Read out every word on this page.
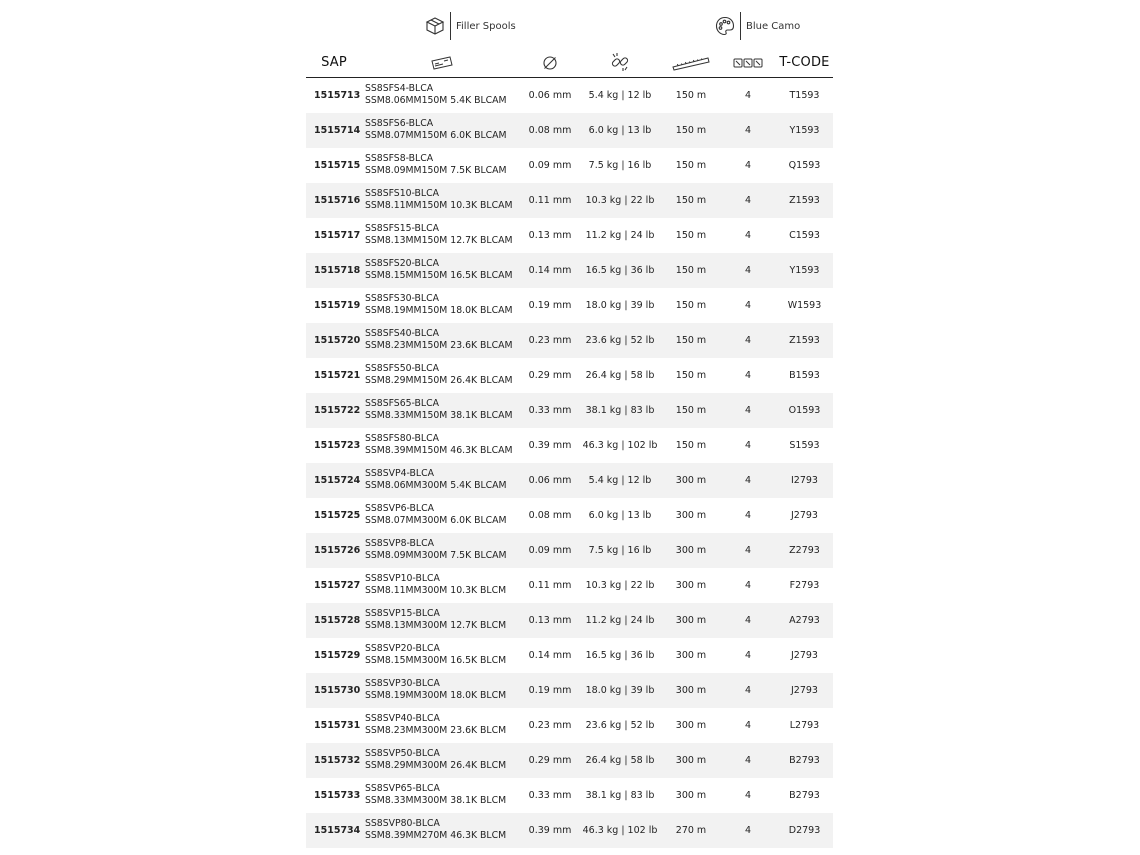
Filler Spools	Blue Camo
SAP						T-CODE
1515713	SS8SFS4-BLCA
SSM8.06MM150M 5.4K BLCAM	0.06 mm	5.4 kg | 12 lb	150 m	4	T1593
1515714	SS8SFS6-BLCA
SSM8.07MM150M 6.0K BLCAM	0.08 mm	6.0 kg | 13 lb	150 m	4	Y1593
1515715	SS8SFS8-BLCA
SSM8.09MM150M 7.5K BLCAM	0.09 mm	7.5 kg | 16 lb	150 m	4	Q1593
1515716	SS8SFS10-BLCA
SSM8.11MM150M 10.3K BLCAM	0.11 mm	10.3 kg | 22 lb	150 m	4	Z1593
1515717	SS8SFS15-BLCA
SSM8.13MM150M 12.7K BLCAM	0.13 mm	11.2 kg | 24 lb	150 m	4	C1593
1515718	SS8SFS20-BLCA
SSM8.15MM150M 16.5K BLCAM	0.14 mm	16.5 kg | 36 lb	150 m	4	Y1593
1515719	SS8SFS30-BLCA
SSM8.19MM150M 18.0K BLCAM	0.19 mm	18.0 kg | 39 lb	150 m	4	W1593
1515720	SS8SFS40-BLCA
SSM8.23MM150M 23.6K BLCAM	0.23 mm	23.6 kg | 52 lb	150 m	4	Z1593
1515721	SS8SFS50-BLCA
SSM8.29MM150M 26.4K BLCAM	0.29 mm	26.4 kg | 58 lb	150 m	4	B1593
1515722	SS8SFS65-BLCA
SSM8.33MM150M 38.1K BLCAM	0.33 mm	38.1 kg | 83 lb	150 m	4	O1593
1515723	SS8SFS80-BLCA
SSM8.39MM150M 46.3K BLCAM	0.39 mm	46.3 kg | 102 lb	150 m	4	S1593
1515724	SS8SVP4-BLCA
SSM8.06MM300M 5.4K BLCAM	0.06 mm	5.4 kg | 12 lb	300 m	4	I2793
1515725	SS8SVP6-BLCA
SSM8.07MM300M 6.0K BLCAM	0.08 mm	6.0 kg | 13 lb	300 m	4	J2793
1515726	SS8SVP8-BLCA
SSM8.09MM300M 7.5K BLCAM	0.09 mm	7.5 kg | 16 lb	300 m	4	Z2793
1515727	SS8SVP10-BLCA
SSM8.11MM300M 10.3K BLCM	0.11 mm	10.3 kg | 22 lb	300 m	4	F2793
1515728	SS8SVP15-BLCA
SSM8.13MM300M 12.7K BLCM	0.13 mm	11.2 kg | 24 lb	300 m	4	A2793
1515729	SS8SVP20-BLCA
SSM8.15MM300M 16.5K BLCM	0.14 mm	16.5 kg | 36 lb	300 m	4	J2793
1515730	SS8SVP30-BLCA
SSM8.19MM300M 18.0K BLCM	0.19 mm	18.0 kg | 39 lb	300 m	4	J2793
1515731	SS8SVP40-BLCA
SSM8.23MM300M 23.6K BLCM	0.23 mm	23.6 kg | 52 lb	300 m	4	L2793
1515732	SS8SVP50-BLCA
SSM8.29MM300M 26.4K BLCM	0.29 mm	26.4 kg | 58 lb	300 m	4	B2793
1515733	SS8SVP65-BLCA
SSM8.33MM300M 38.1K BLCM	0.33 mm	38.1 kg | 83 lb	300 m	4	B2793
1515734	SS8SVP80-BLCA
SSM8.39MM270M 46.3K BLCM	0.39 mm	46.3 kg | 102 lb	270 m	4	D2793
